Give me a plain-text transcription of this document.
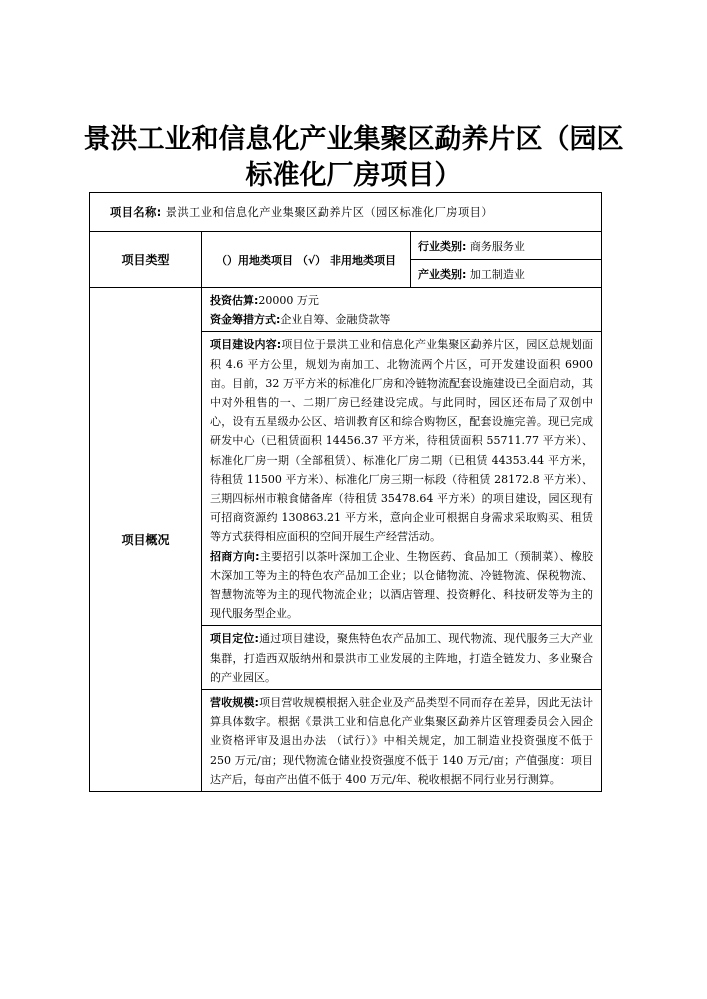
景洪工业和信息化产业集聚区勐养片区（园区
标准化厂房项目）
项目名称: 景洪工业和信息化产业集聚区勐养片区（园区标准化厂房项目）		
项目类型	（）用地类项目 （√） 非用地类项目	行业类别: 商务服务业
		产业类别: 加工制造业
项目概况	投资估算:20000 万元
资金筹措方式:企业自筹、金融贷款等	

	项目建设内容:项目位于景洪工业和信息化产业集聚区勐养片区，园区总规划面积 4.6 平方公里，规划为南加工、北物流两个片区，可开发建设面积 6900 亩。目前，32 万平方米的标准化厂房和冷链物流配套设施建设已全面启动，其中对外租售的一、二期厂房已经建设完成。与此同时，园区还布局了双创中心，设有五星级办公区、培训教育区和综合购物区，配套设施完善。现已完成研发中心（已租赁面积 14456.37 平方米，待租赁面积 55711.77 平方米）、标准化厂房一期（全部租赁）、标准化厂房二期（已租赁 44353.44 平方米，待租赁 11500 平方米）、标准化厂房三期一标段（待租赁 28172.8 平方米）、三期四标州市粮食储备库（待租赁 35478.64 平方米）的项目建设，园区现有可招商资源约 130863.21 平方米，意向企业可根据自身需求采取购买、租赁等方式获得相应面积的空间开展生产经营活动。
招商方向:主要招引以茶叶深加工企业、生物医药、食品加工（预制菜）、橡胶木深加工等为主的特色农产品加工企业；以仓储物流、冷链物流、保税物流、智慧物流等为主的现代物流企业；以酒店管理、投资孵化、科技研发等为主的现代服务型企业。	

	项目定位:通过项目建设，聚焦特色农产品加工、现代物流、现代服务三大产业集群，打造西双版纳州和景洪市工业发展的主阵地，打造全链发力、多业聚合的产业园区。	
	营收规模:项目营收规模根据入驻企业及产品类型不同而存在差异，因此无法计算具体数字。根据《景洪工业和信息化产业集聚区勐养片区管理委员会入园企业资格评审及退出办法 （试行）》中相关规定，加工制造业投资强度不低于 250 万元/亩；现代物流仓储业投资强度不低于 140 万元/亩；产值强度：项目达产后，每亩产出值不低于 400 万元/年、税收根据不同行业另行测算。	
